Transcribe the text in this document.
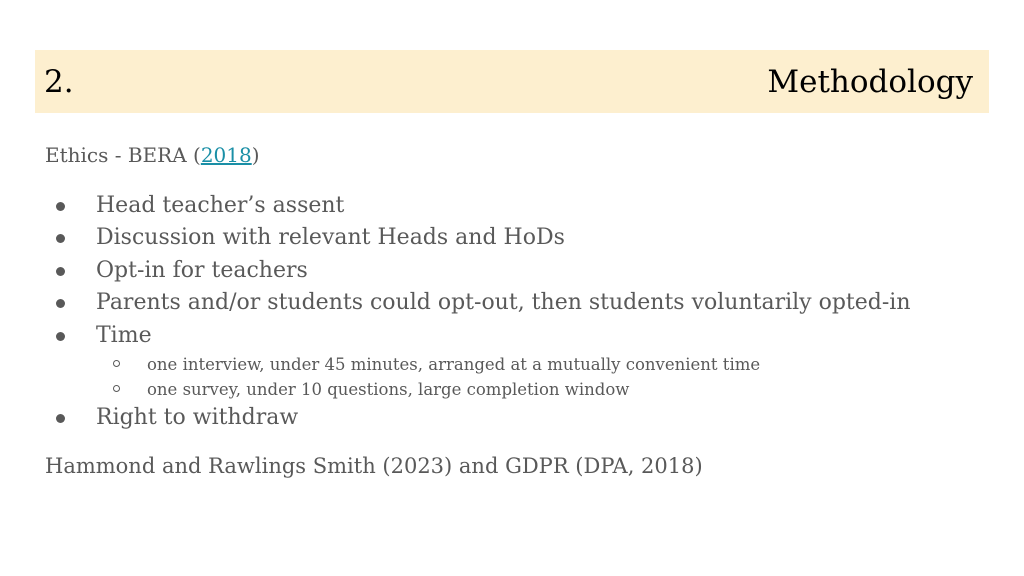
2.	Methodology
Ethics - BERA (2018)
Head teacher’s assent
Discussion with relevant Heads and HoDs
Opt-in for teachers
Parents and/or students could opt-out, then students voluntarily opted-in
Time
one interview, under 45 minutes, arranged at a mutually convenient time
one survey, under 10 questions, large completion window
Right to withdraw
Hammond and Rawlings Smith (2023) and GDPR (DPA, 2018)
